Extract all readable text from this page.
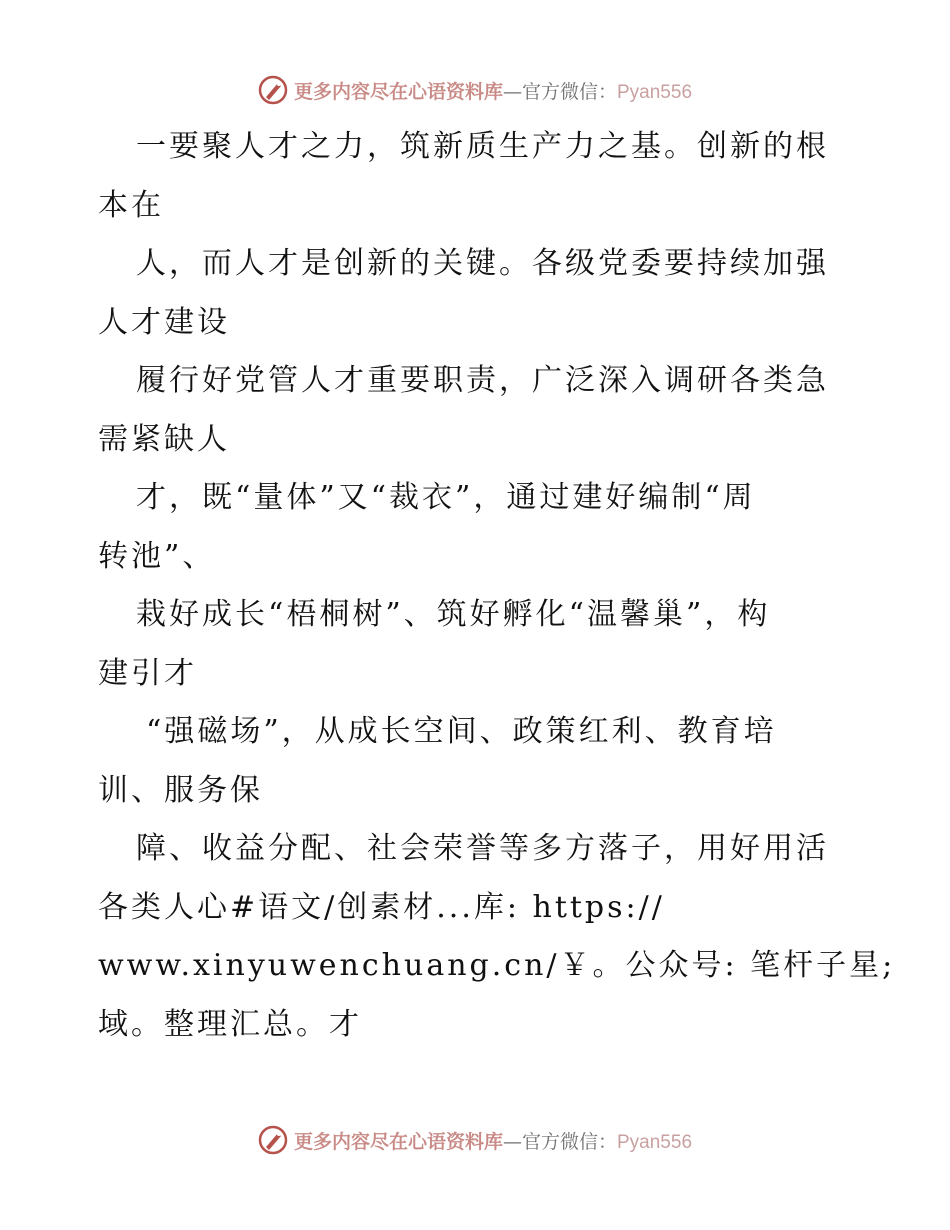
更多内容尽在心语资料库—官方微信：Pyan556
一要聚人才之力，筑新质生产力之基。创新的根
本在
人，而人才是创新的关键。各级党委要持续加强
人才建设
履行好党管人才重要职责，广泛深入调研各类急
需紧缺人
才，既“量体”又“裁衣”，通过建好编制“周
转池”、
栽好成长“梧桐树”、筑好孵化“温馨巢”，构
建引才
“强磁场”，从成长空间、政策红利、教育培
训、服务保
障、收益分配、社会荣誉等多方落子，用好用活
各类人心#语文/创素材...库: https://
www.xinyuwenchuang.cn/￥。公众号: 笔杆子星;
域。整理汇总。才
更多内容尽在心语资料库—官方微信：Pyan556
